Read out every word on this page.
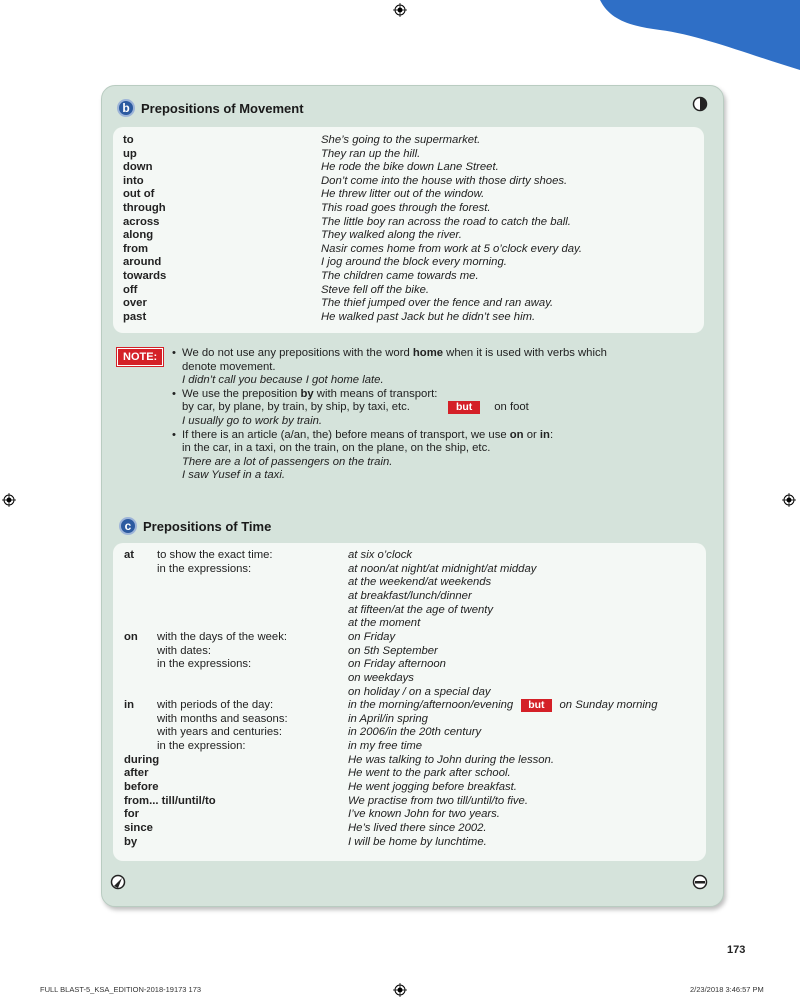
b Prepositions of Movement
to	She’s going to the supermarket.
up	They ran up the hill.
down	He rode the bike down Lane Street.
into	Don’t come into the house with those dirty shoes.
out of	He threw litter out of the window.
through	This road goes through the forest.
across	The little boy ran across the road to catch the ball.
along	They walked along the river.
from	Nasir comes home from work at 5 o’clock every day.
around	I jog around the block every morning.
towards	The children came towards me.
off	Steve fell off the bike.
over	The thief jumped over the fence and ran away.
past	He walked past Jack but he didn’t see him.
NOTE:	• We do not use any prepositions with the word home when it is used with verbs which
denote movement.
I didn’t call you because I got home late.
• We use the preposition by with means of transport:
by car, by plane, by train, by ship, by taxi, etc.	but on foot
I usually go to work by train.
• If there is an article (a/an, the) before means of transport, we use on or in:
in the car, in a taxi, on the train, on the plane, on the ship, etc.
There are a lot of passengers on the train.
I saw Yusef in a taxi.
c Prepositions of Time
at to show the exact time:	at six o’clock
in the expressions:	at noon/at night/at midnight/at midday
at the weekend/at weekends
at breakfast/lunch/dinner
at fifteen/at the age of twenty
at the moment
on with the days of the week:	on Friday
with dates:	on 5th September
in the expressions:	on Friday afternoon
on weekdays
on holiday / on a special day
in with periods of the day:	in the morning/afternoon/evening but on Sunday morning
with months and seasons:	in April/in spring
with years and centuries:	in 2006/in the 20th century
in the expression:	in my free time
during	He was talking to John during the lesson.
after	He went to the park after school.
before	He went jogging before breakfast.
from... till/until/to	We practise from two till/until/to five.
for	I’ve known John for two years.
since	He’s lived there since 2002.
by	I will be home by lunchtime.
173
FULL BLAST-5_KSA_EDITION-2018-19173 173	2/23/2018 3:46:57 PM
